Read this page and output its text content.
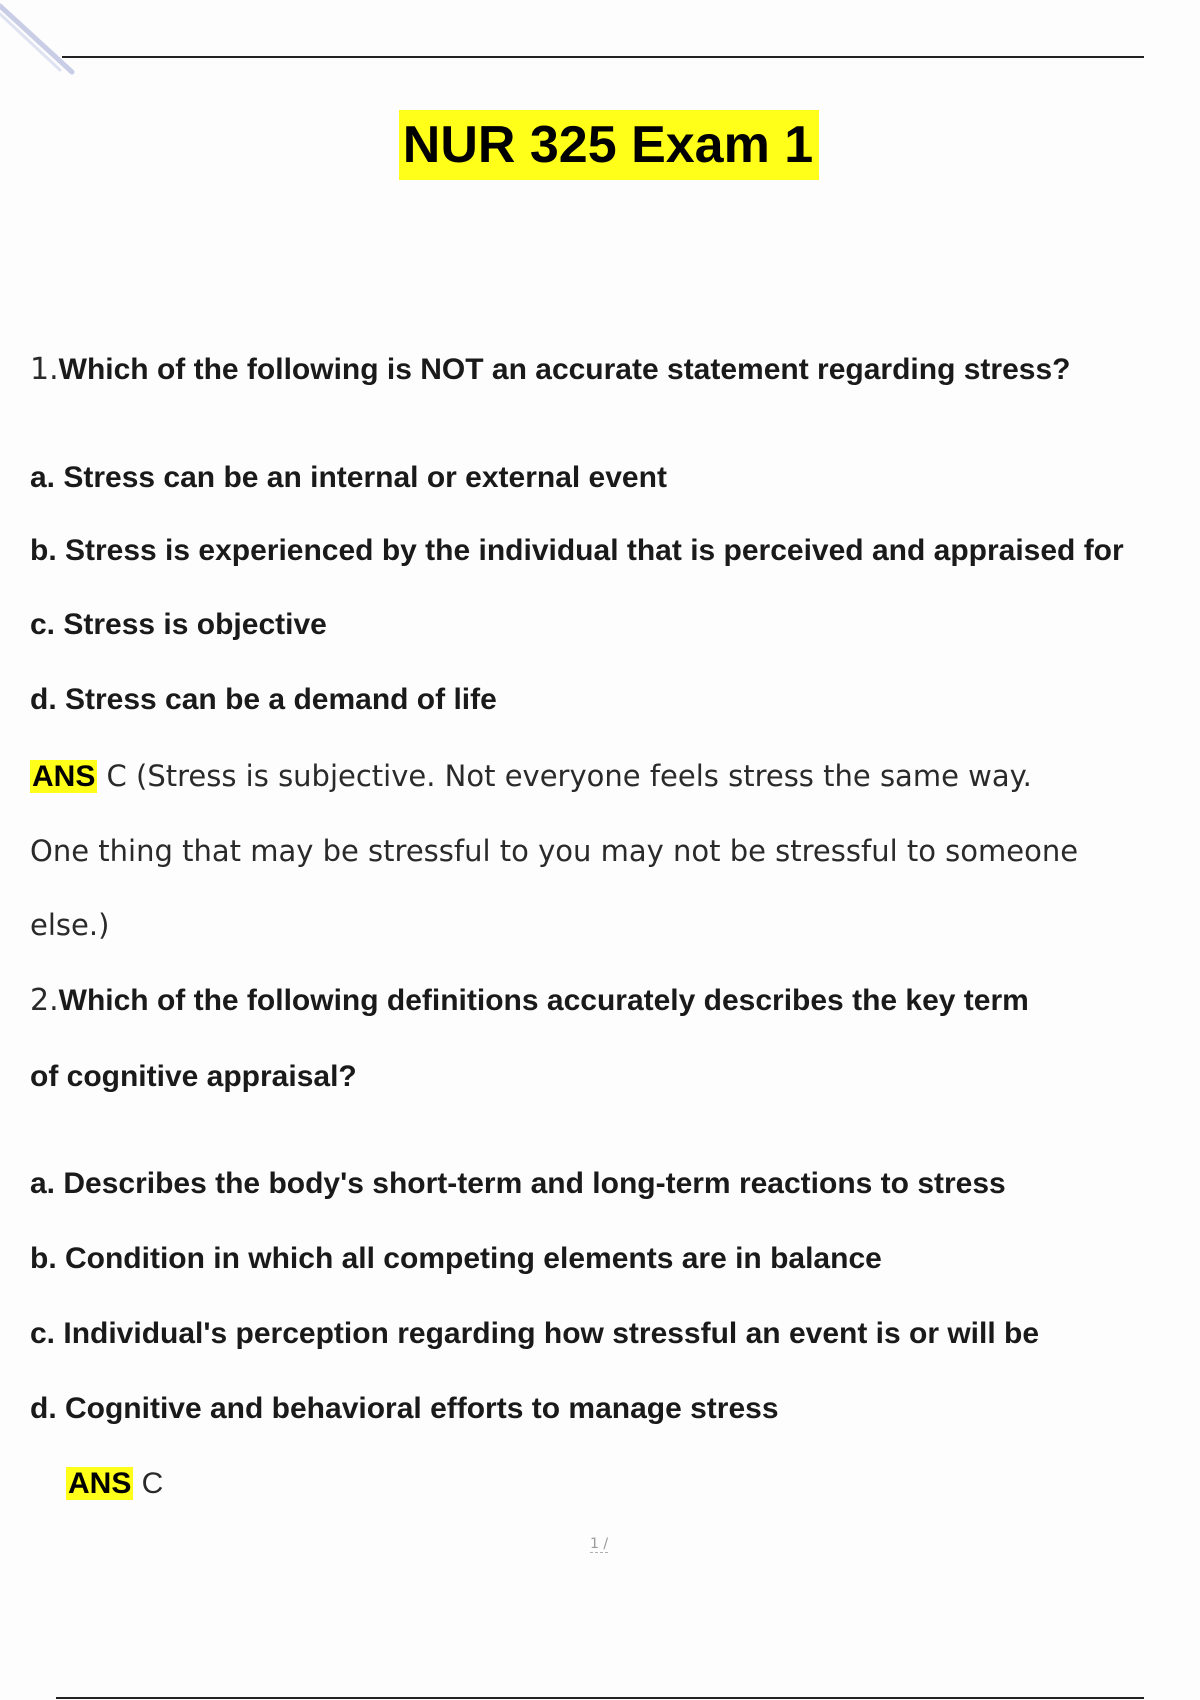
NUR 325 Exam 1
1.Which of the following is NOT an accurate statement regarding stress?
a. Stress can be an internal or external event
b. Stress is experienced by the individual that is perceived and appraised for
c. Stress is objective
d. Stress can be a demand of life
ANS C (Stress is subjective. Not everyone feels stress the same way.
One thing that may be stressful to you may not be stressful to someone
else.)
2.Which of the following definitions accurately describes the key term
of cognitive appraisal?
a. Describes the body's short-term and long-term reactions to stress
b. Condition in which all competing elements are in balance
c. Individual's perception regarding how stressful an event is or will be
d. Cognitive and behavioral efforts to manage stress
ANS C
1 /
